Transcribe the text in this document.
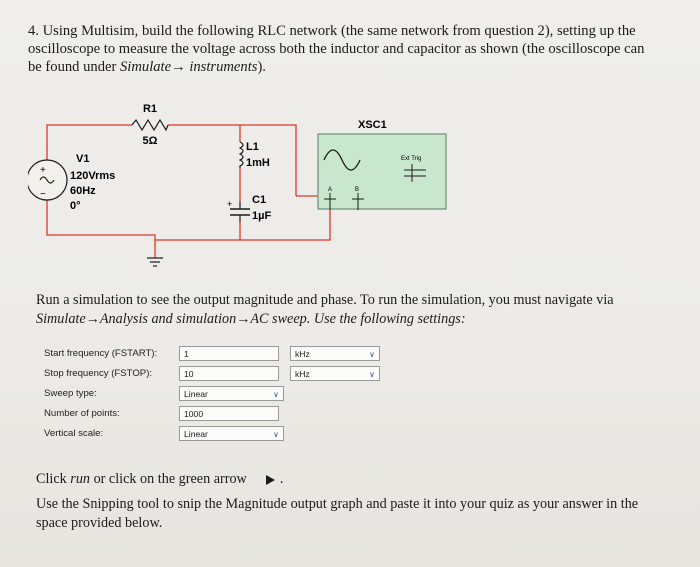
4. Using Multisim, build the following RLC network (the same network from question 2), setting up the
oscilloscope to measure the voltage across both the inductor and capacitor as shown (the oscilloscope can
be found under Simulate→ instruments).
R1
5Ω
+
−
V1
120Vrms
60Hz
0°
L1
1mH
+ C1
1µF
XSC1
Ext Trig
A	B
Run a simulation to see the output magnitude and phase. To run the simulation, you must navigate via
Simulate→Analysis and simulation→AC sweep. Use the following settings:
Start frequency (FSTART):	1	kHz	∨
Stop frequency (FSTOP):	10	kHz	∨
Sweep type:	Linear	∨
Number of points:	1000
Vertical scale:	Linear	∨
Click run or click on the green arrow .
Use the Snipping tool to snip the Magnitude output graph and paste it into your quiz as your answer in the
space provided below.
